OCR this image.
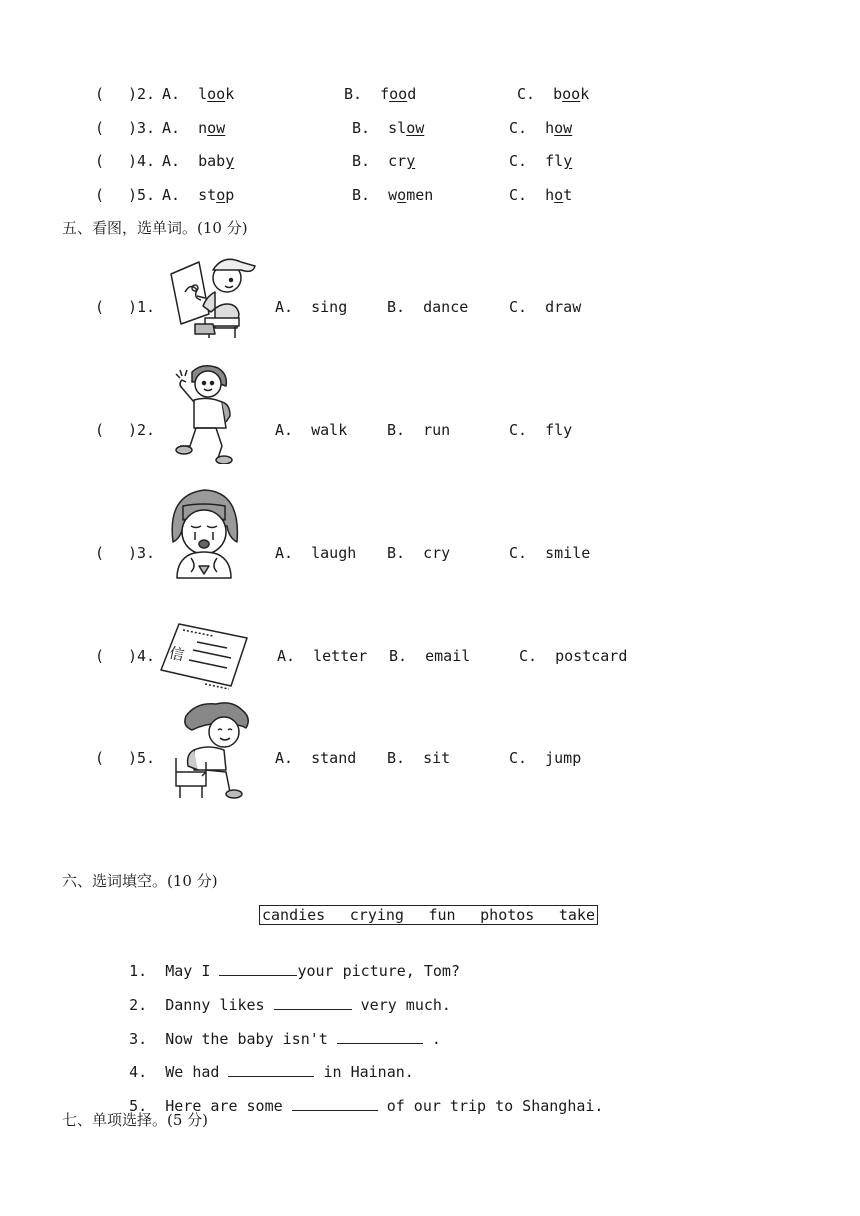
( )2. A.  look	B.  food	C.  book
( )3. A.  now	B.  slow	C.  how
( )4. A.  baby	B.  cry	C.  fly
( )5. A.  stop	B.  women	C.  hot
五、看图，选单词。(10 分)
( )1.	A.  sing	B.  dance	C.  draw
( )2.	A.  walk	B.  run	C.  fly
( )3.	A.  laugh B.  cry	C.  smile
( )4. 信	A.  letter B.  email	C.  postcard
( )5.	A.  stand B.  sit	C.  jump
六、选词填空。(10 分)
candies crying fun photos take

1. May I	your picture, Tom?

2. Danny likes	very much.

3. Now the baby isn't	.

4. We had	in Hainan.

5. Here are some	of our trip to Shanghai.

七、单项选择。(5 分)
